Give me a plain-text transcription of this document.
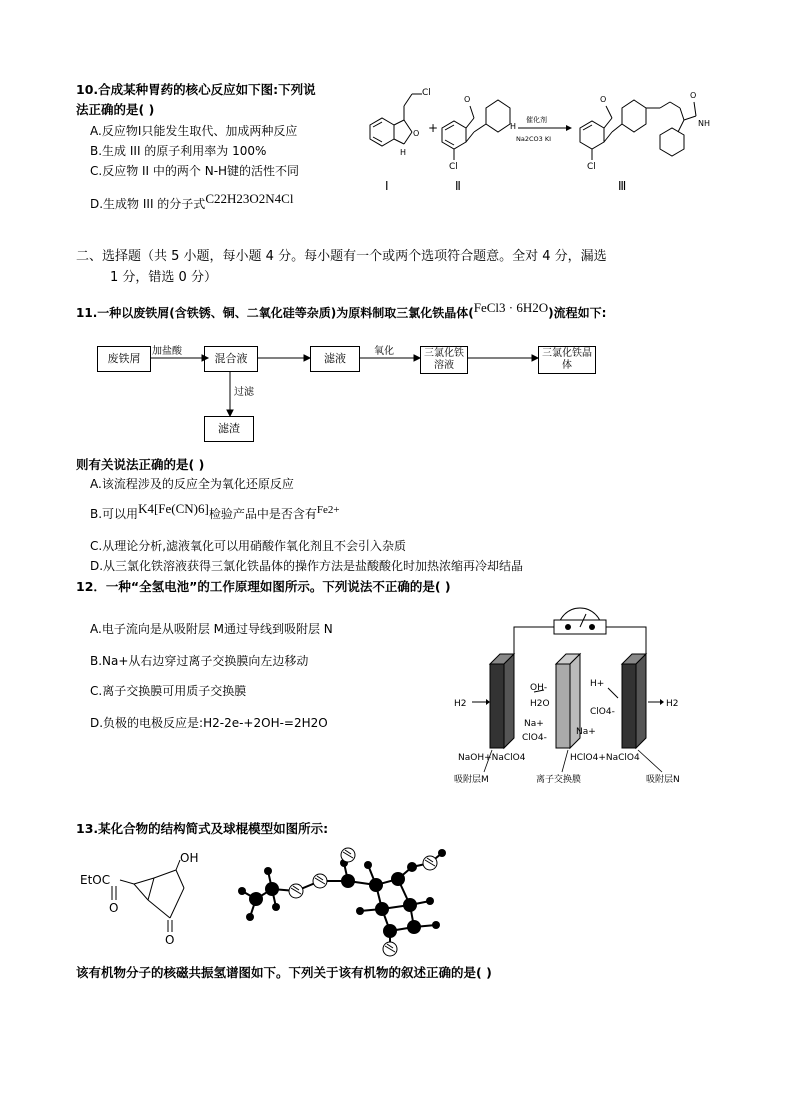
10.合成某种胃药的核心反应如下图:下列说
法正确的是( )
A.反应物Ⅰ只能发生取代、加成两种反应
B.生成 III 的原子利用率为 100%
C.反应物 II 中的两个 N-H键的活性不同
D.生成物 III 的分子式C22H23O2N4Cl
Cl
O
H
Ⅰ
+
O
H
Cl
Ⅱ
催化剂
Na2CO3 KI
O	O
NH
Cl
Ⅲ
二、选择题（共 5 小题，每小题 4 分。每小题有一个或两个选项符合题意。全对 4 分，漏选
1 分，错选 0 分）
11.一种以废铁屑(含铁锈、铜、二氧化硅等杂质)为原料制取三氯化铁晶体(FeCl3 · 6H2O)流程如下:
废铁屑	混合液	滤液	三氯化铁溶液
三氯化铁晶体
滤渣
加盐酸	氧化
过滤
则有关说法正确的是( )
A.该流程涉及的反应全为氧化还原反应
B.可以用K4[Fe(CN)6]检验产品中是否含有Fe2+
C.从理论分析,滤液氧化可以用硝酸作氧化剂且不会引入杂质
D.从三氯化铁溶液获得三氯化铁晶体的操作方法是盐酸酸化时加热浓缩再冷却结晶
12．一种“全氢电池”的工作原理如图所示。下列说法不正确的是( )
A.电子流向是从吸附层 M通过导线到吸附层 N
B.Na+从右边穿过离子交换膜向左边移动
C.离子交换膜可用质子交换膜
D.负极的电极反应是:H2-2e-+2OH-=2H2O
H2	H2
OH-
H2O
Na+
ClO4-
Na+
H+
ClO4-
NaOH+NaClO4	HClO4+NaClO4
吸附层M	离子交换膜	吸附层N
13.某化合物的结构简式及球棍模型如图所示:
OH
EtOC
O
O
该有机物分子的核磁共振氢谱图如下。下列关于该有机物的叙述正确的是( )
